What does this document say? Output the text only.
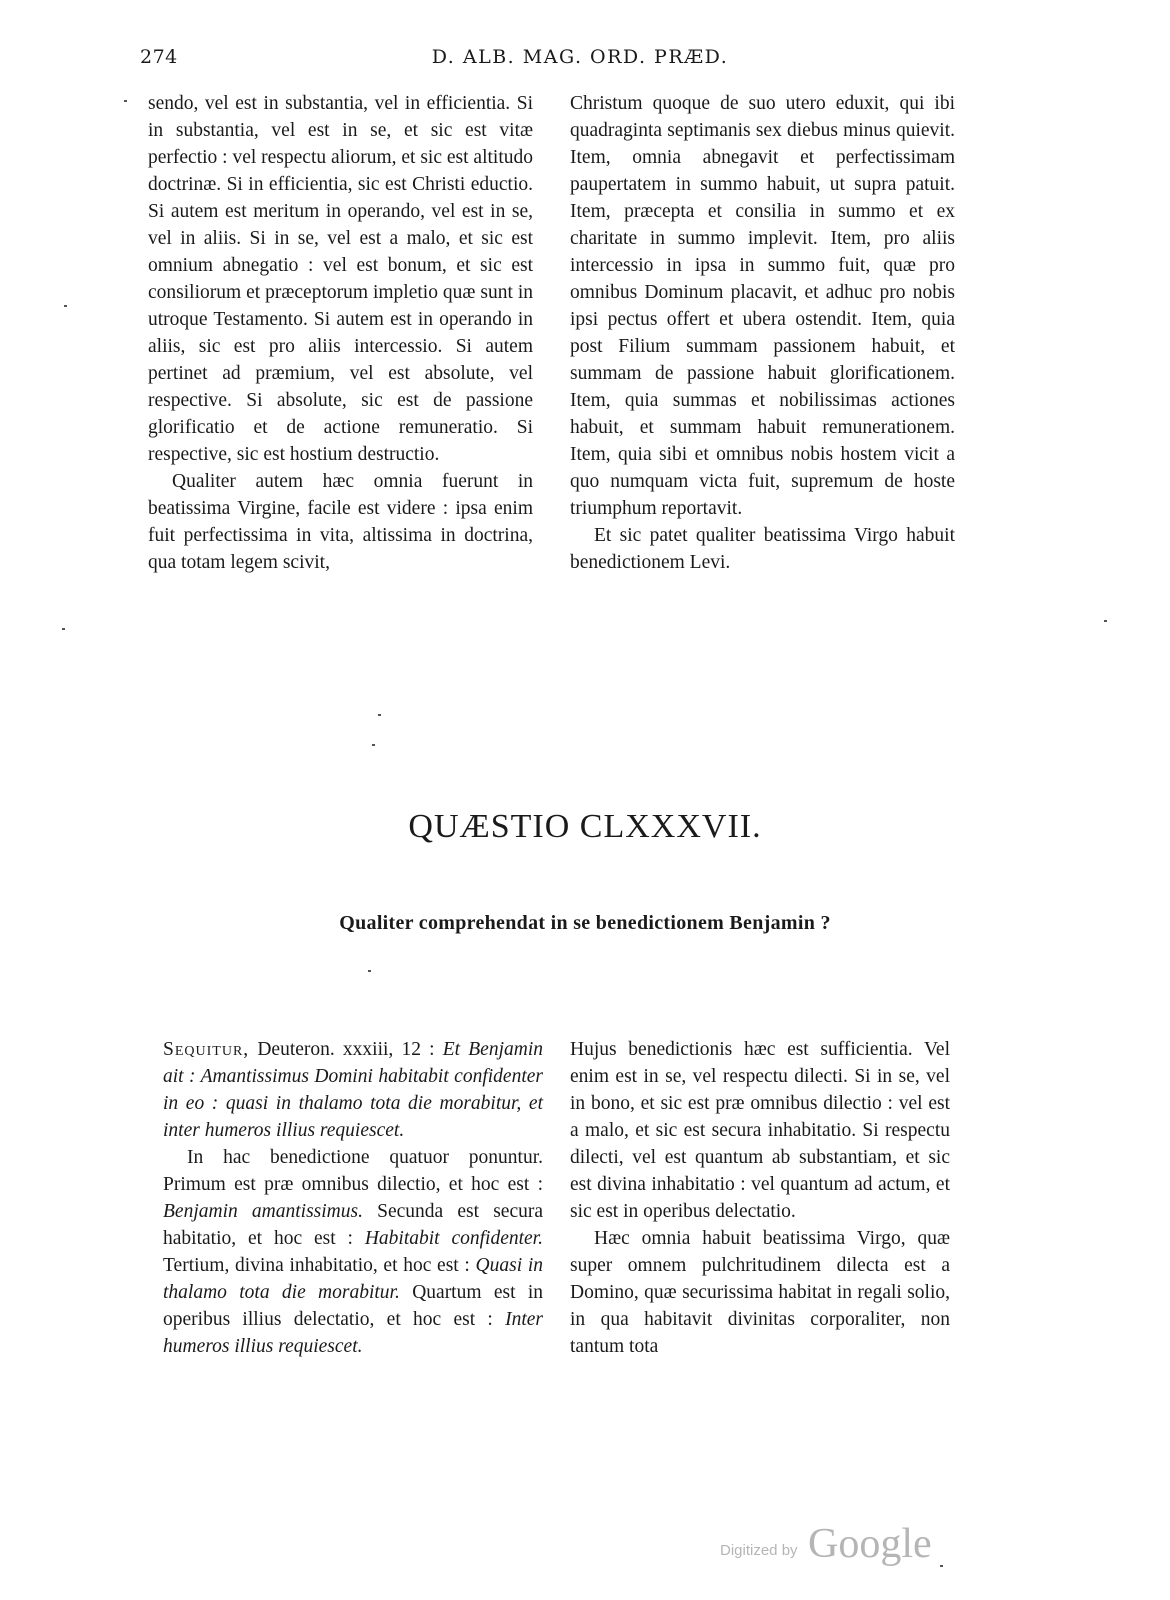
274	D. ALB. MAG. ORD. PRÆD.

sendo, vel est in substantia, vel in efficientia. Si in substantia, vel est in se, et sic est vitæ perfectio : vel respectu aliorum, et sic est altitudo doctrinæ. Si in efficientia, sic est Christi eductio. Si autem est meritum in operando, vel est in se, vel in aliis. Si in se, vel est a malo, et sic est omnium abnegatio : vel est bonum, et sic est consiliorum et præceptorum impletio quæ sunt in utroque Testamento. Si autem est in operando in aliis, sic est pro aliis intercessio. Si autem pertinet ad præmium, vel est absolute, vel respective. Si absolute, sic est de passione glorificatio et de actione remuneratio. Si respective, sic est hostium destructio.

Qualiter autem hæc omnia fuerunt in beatissima Virgine, facile est videre : ipsa enim fuit perfectissima in vita, altissima in doctrina, qua totam legem scivit,

Christum quoque de suo utero eduxit, qui ibi quadraginta septimanis sex diebus minus quievit. Item, omnia abnegavit et perfectissimam paupertatem in summo habuit, ut supra patuit. Item, præcepta et consilia in summo et ex charitate in summo implevit. Item, pro aliis intercessio in ipsa in summo fuit, quæ pro omnibus Dominum placavit, et adhuc pro nobis ipsi pectus offert et ubera ostendit. Item, quia post Filium summam passionem habuit, et summam de passione habuit glorificationem. Item, quia summas et nobilissimas actiones habuit, et summam habuit remunerationem. Item, quia sibi et omnibus nobis hostem vicit a quo numquam victa fuit, supremum de hoste triumphum reportavit.

Et sic patet qualiter beatissima Virgo habuit benedictionem Levi.

QUÆSTIO CLXXXVII.
Qualiter comprehendat in se benedictionem Benjamin ?

Sequitur, Deuteron. xxxiii, 12 : Et Benjamin ait : Amantissimus Domini habitabit confidenter in eo : quasi in thalamo tota die morabitur, et inter humeros illius requiescet.

In hac benedictione quatuor ponuntur. Primum est præ omnibus dilectio, et hoc est : Benjamin amantissimus. Secunda est secura habitatio, et hoc est : Habitabit confidenter. Tertium, divina inhabitatio, et hoc est : Quasi in thalamo tota die morabitur. Quartum est in operibus illius delectatio, et hoc est : Inter humeros illius requiescet.

Hujus benedictionis hæc est sufficientia. Vel enim est in se, vel respectu dilecti. Si in se, vel in bono, et sic est præ omnibus dilectio : vel est a malo, et sic est secura inhabitatio. Si respectu dilecti, vel est quantum ab substantiam, et sic est divina inhabitatio : vel quantum ad actum, et sic est in operibus delectatio.

Hæc omnia habuit beatissima Virgo, quæ super omnem pulchritudinem dilecta est a Domino, quæ securissima habitat in regali solio, in qua habitavit divinitas corporaliter, non tantum tota

Digitized by Google
